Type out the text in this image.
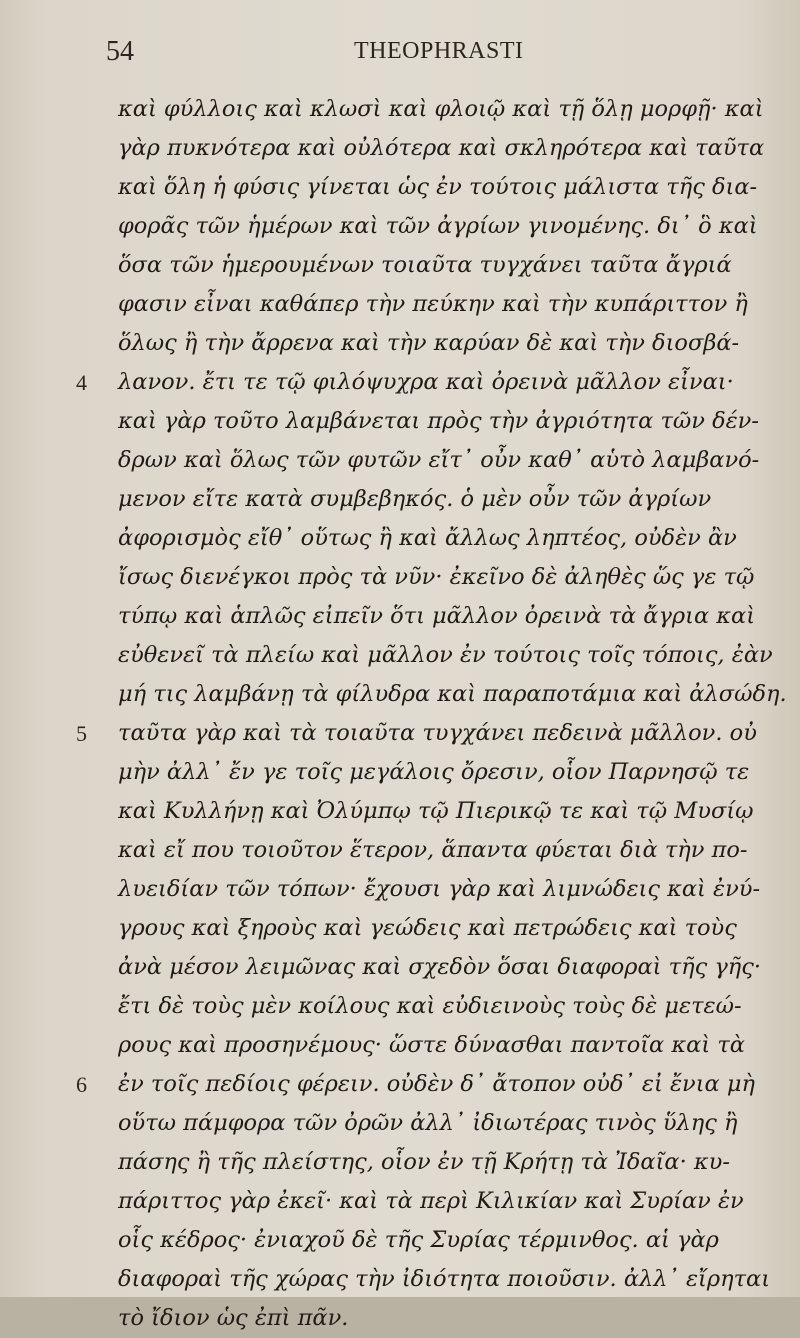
54	THEOPHRASTI
καὶ φύλλοις καὶ κλωσὶ καὶ φλοιῷ καὶ τῇ ὅλῃ μορφῇ· καὶ
γὰρ πυκνότερα καὶ οὐλότερα καὶ σκληρότερα καὶ ταῦτα
καὶ ὅλη ἡ φύσις γίνεται ὡς ἐν τούτοις μάλιστα τῆς δια-
φορᾶς τῶν ἡμέρων καὶ τῶν ἀγρίων γινομένης. δι᾿ ὃ καὶ
ὅσα τῶν ἡμερουμένων τοιαῦτα τυγχάνει ταῦτα ἄγριά
φασιν εἶναι καθάπερ τὴν πεύκην καὶ τὴν κυπάριττον ἢ
ὅλως ἢ τὴν ἄρρενα καὶ τὴν καρύαν δὲ καὶ τὴν διοσβά-
4 λανον. ἔτι τε τῷ φιλόψυχρα καὶ ὀρεινὰ μᾶλλον εἶναι·
καὶ γὰρ τοῦτο λαμβάνεται πρὸς τὴν ἀγριότητα τῶν δέν-
δρων καὶ ὅλως τῶν φυτῶν εἴτ᾿ οὖν καθ᾿ αὑτὸ λαμβανό-
μενον εἴτε κατὰ συμβεβηκός. ὁ μὲν οὖν τῶν ἀγρίων
ἀφορισμὸς εἴθ᾿ οὕτως ἢ καὶ ἄλλως ληπτέος, οὐδὲν ἂν
ἴσως διενέγκοι πρὸς τὰ νῦν· ἐκεῖνο δὲ ἀληθὲς ὥς γε τῷ
τύπῳ καὶ ἁπλῶς εἰπεῖν ὅτι μᾶλλον ὀρεινὰ τὰ ἄγρια καὶ
εὐθενεῖ τὰ πλείω καὶ μᾶλλον ἐν τούτοις τοῖς τόποις, ἐὰν
μή τις λαμβάνῃ τὰ φίλυδρα καὶ παραποτάμια καὶ ἀλσώδη.
5 ταῦτα γὰρ καὶ τὰ τοιαῦτα τυγχάνει πεδεινὰ μᾶλλον. οὐ
μὴν ἀλλ᾿ ἔν γε τοῖς μεγάλοις ὄρεσιν, οἷον Παρνησῷ τε
καὶ Κυλλήνῃ καὶ Ὀλύμπῳ τῷ Πιερικῷ τε καὶ τῷ Μυσίῳ
καὶ εἴ που τοιοῦτον ἕτερον, ἅπαντα φύεται διὰ τὴν πο-
λυειδίαν τῶν τόπων· ἔχουσι γὰρ καὶ λιμνώδεις καὶ ἐνύ-
γρους καὶ ξηροὺς καὶ γεώδεις καὶ πετρώδεις καὶ τοὺς
ἀνὰ μέσον λειμῶνας καὶ σχεδὸν ὅσαι διαφοραὶ τῆς γῆς·
ἔτι δὲ τοὺς μὲν κοίλους καὶ εὐδιεινοὺς τοὺς δὲ μετεώ-
ρους καὶ προσηνέμους· ὥστε δύνασθαι παντοῖα καὶ τὰ
6 ἐν τοῖς πεδίοις φέρειν. οὐδὲν δ᾿ ἄτοπον οὐδ᾿ εἰ ἔνια μὴ
οὕτω πάμφορα τῶν ὀρῶν ἀλλ᾿ ἰδιωτέρας τινὸς ὕλης ἢ
πάσης ἢ τῆς πλείστης, οἷον ἐν τῇ Κρήτῃ τὰ Ἰδαῖα· κυ-
πάριττος γὰρ ἐκεῖ· καὶ τὰ περὶ Κιλικίαν καὶ Συρίαν ἐν
οἷς κέδρος· ἐνιαχοῦ δὲ τῆς Συρίας τέρμινθος. αἱ γὰρ
διαφοραὶ τῆς χώρας τὴν ἰδιότητα ποιοῦσιν. ἀλλ᾿ εἴρηται
τὸ ἴδιον ὡς ἐπὶ πᾶν.
